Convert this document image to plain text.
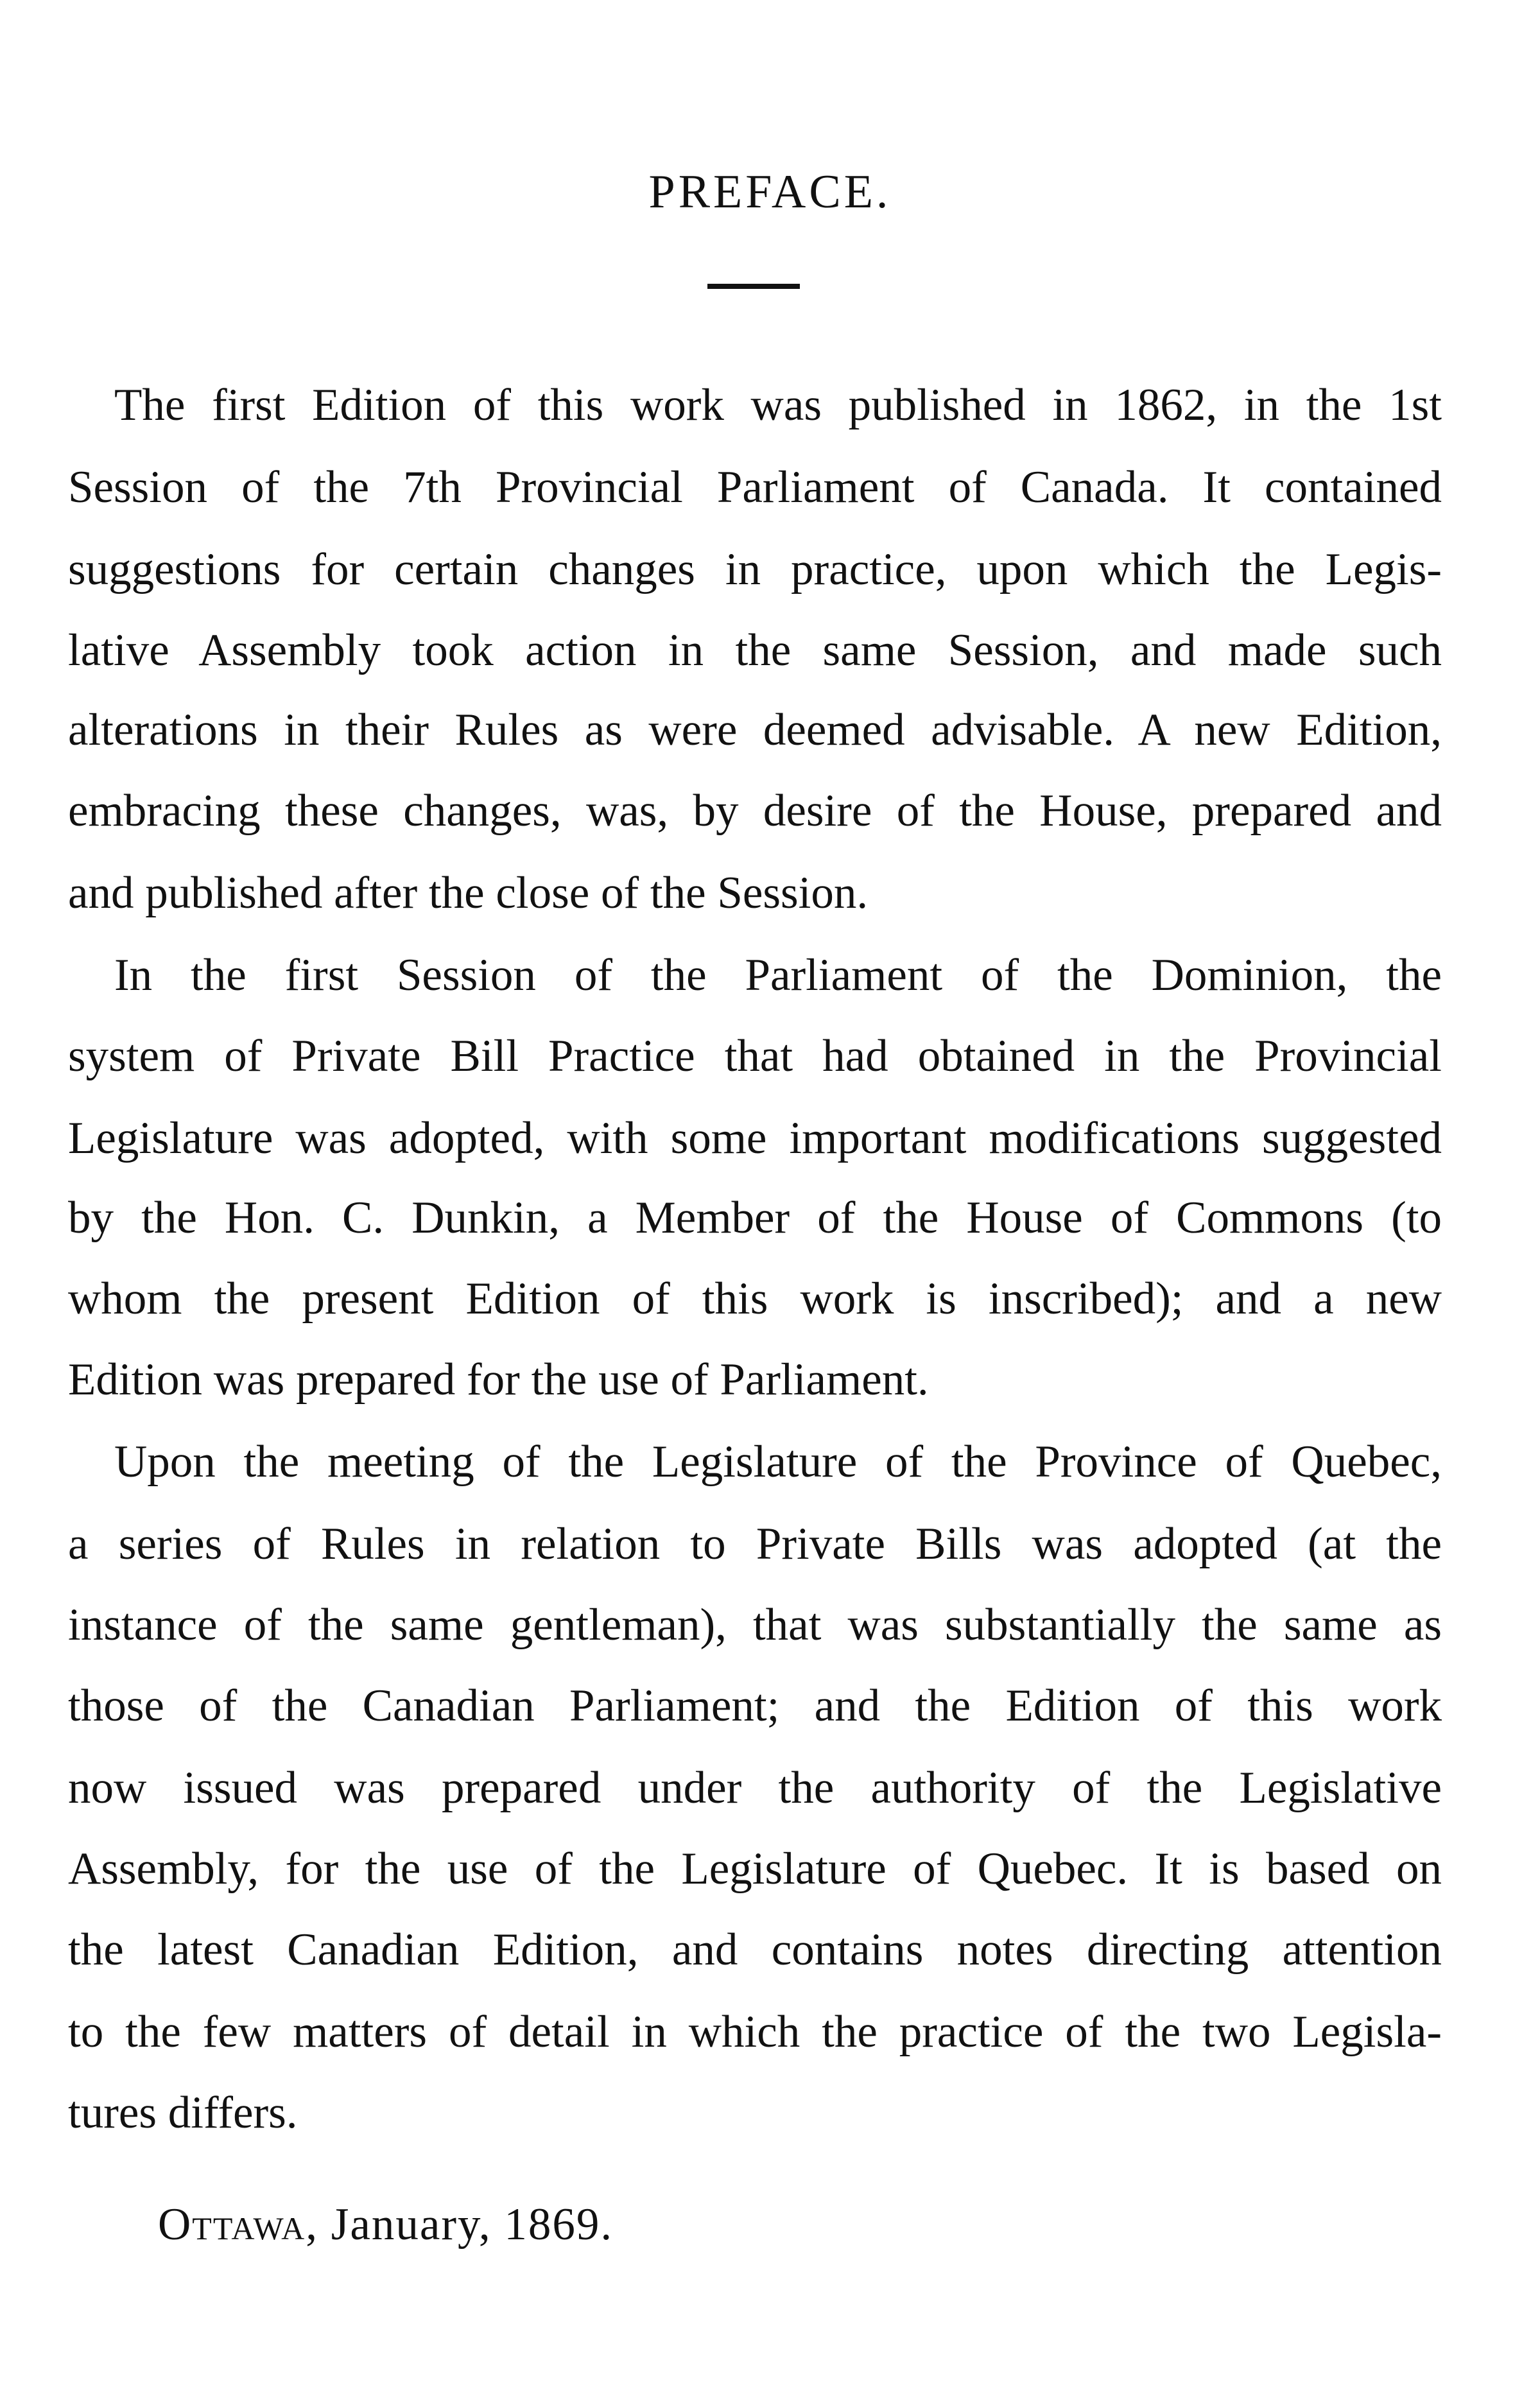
PREFACE.
The first Edition of this work was published in 1862, in the 1st
Session of the 7th Provincial Parliament of Canada. It contained
suggestions for certain changes in practice, upon which the Legis-
lative Assembly took action in the same Session, and made such
alterations in their Rules as were deemed advisable. A new Edition,
embracing these changes, was, by desire of the House, prepared and
and published after the close of the Session.
In the first Session of the Parliament of the Dominion, the
system of Private Bill Practice that had obtained in the Provincial
Legislature was adopted, with some important modifications suggested
by the Hon. C. Dunkin, a Member of the House of Commons (to
whom the present Edition of this work is inscribed); and a new
Edition was prepared for the use of Parliament.
Upon the meeting of the Legislature of the Province of Quebec,
a series of Rules in relation to Private Bills was adopted (at the
instance of the same gentleman), that was substantially the same as
those of the Canadian Parliament; and the Edition of this work
now issued was prepared under the authority of the Legislative
Assembly, for the use of the Legislature of Quebec. It is based on
the latest Canadian Edition, and contains notes directing attention
to the few matters of detail in which the practice of the two Legisla-
tures differs.
Ottawa, January, 1869.
